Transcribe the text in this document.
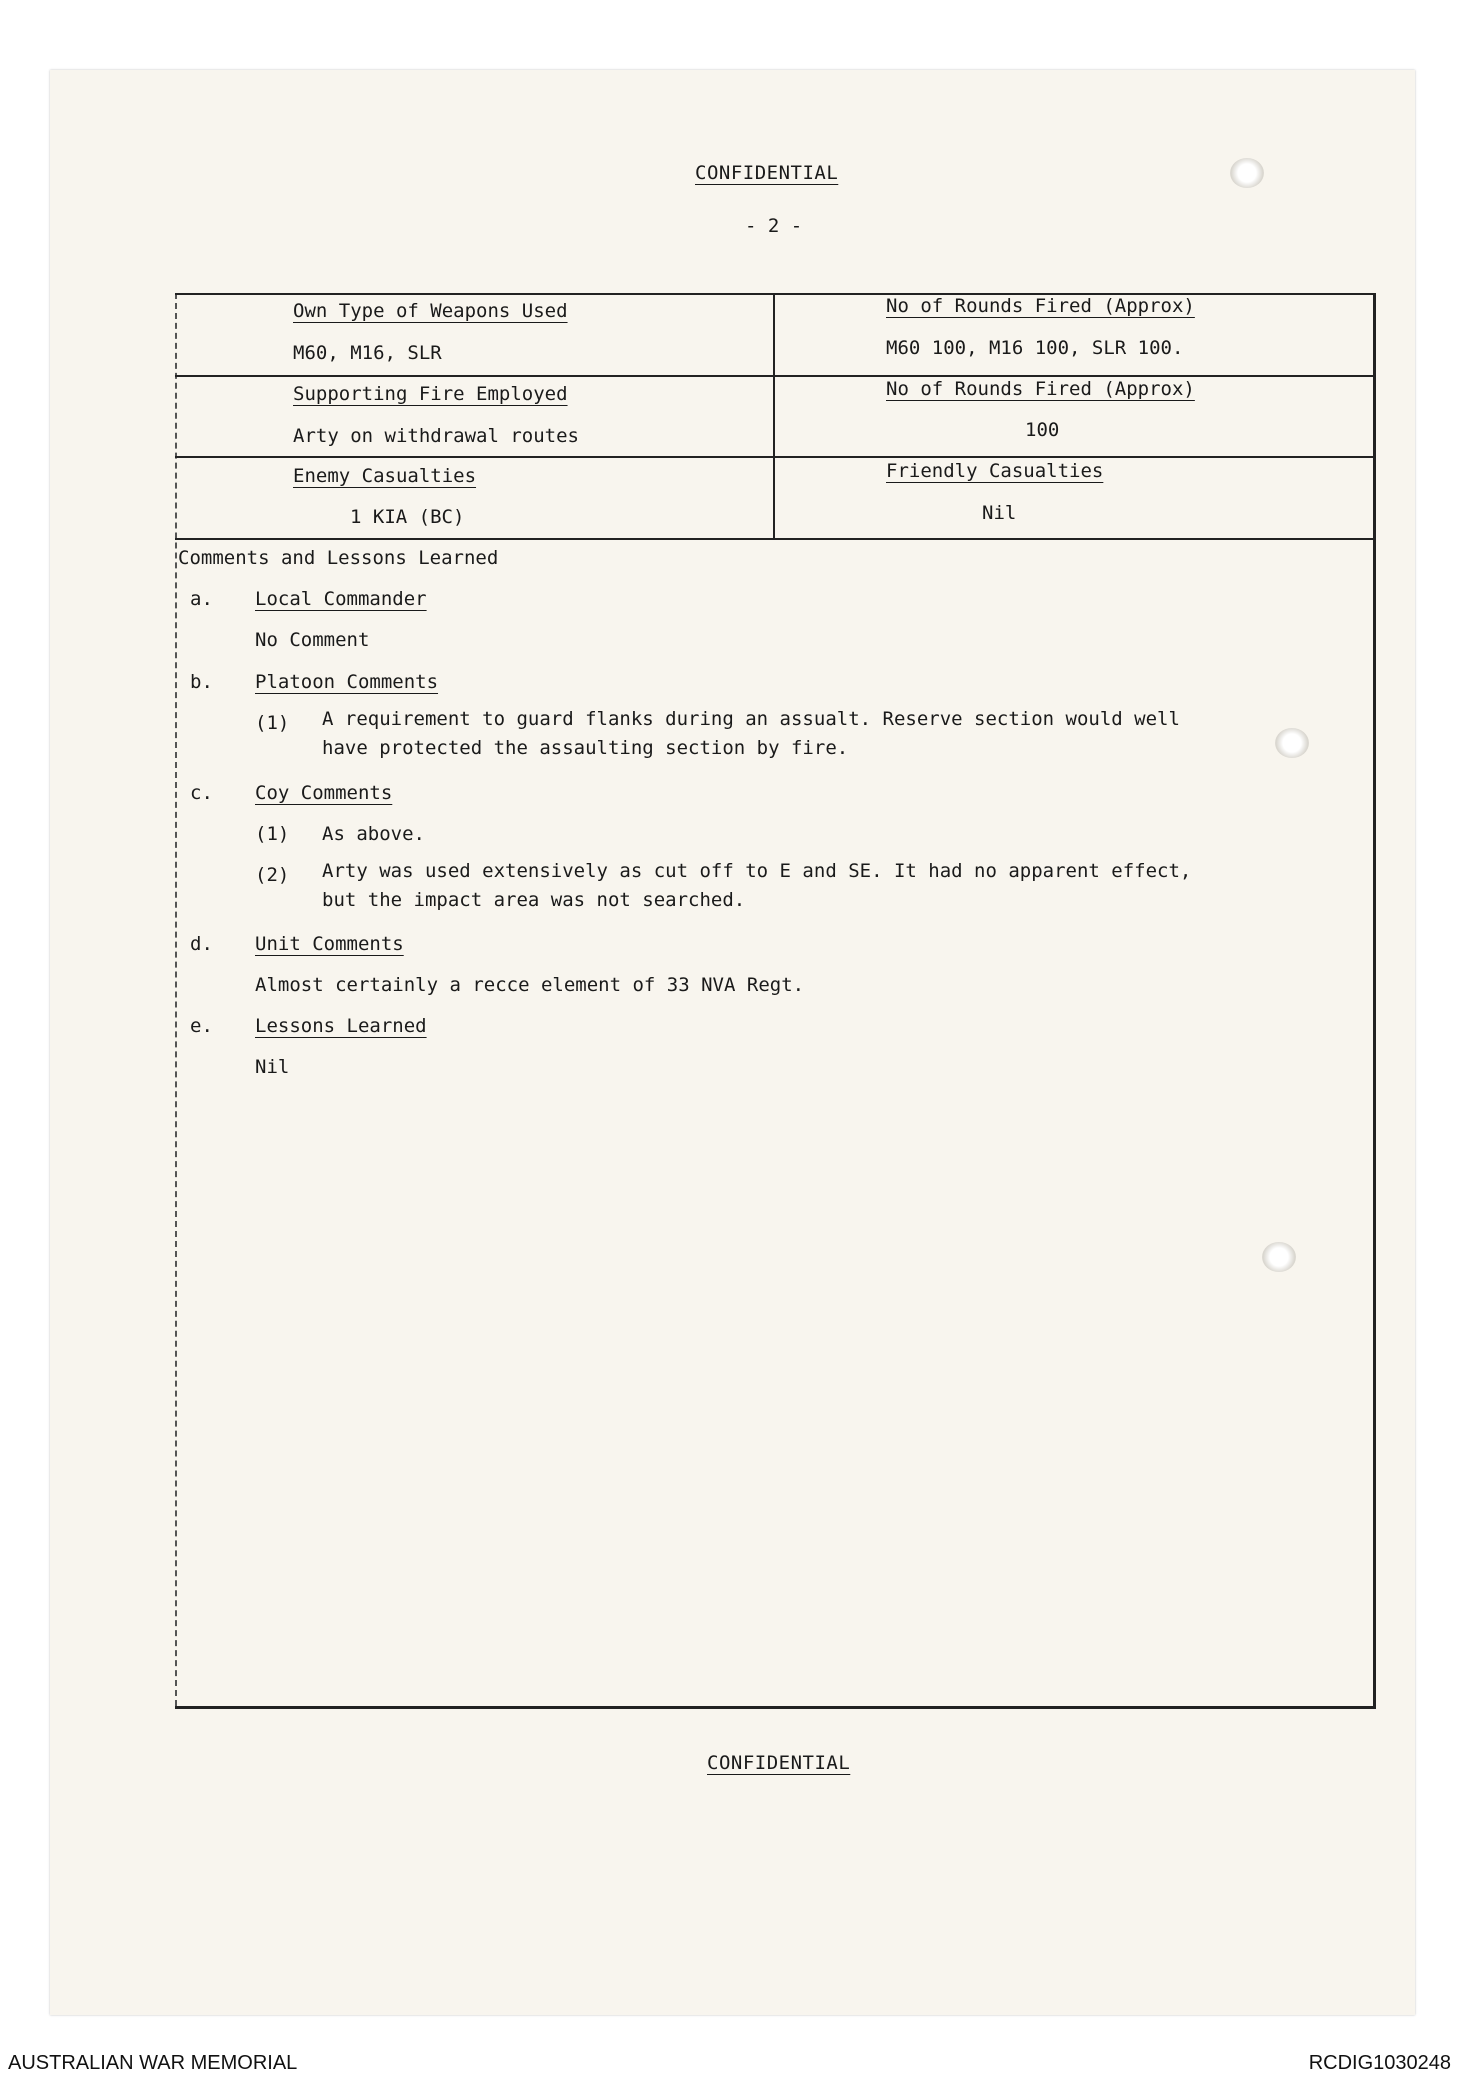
CONFIDENTIAL
- 2 -
Own Type of Weapons Used
M60, M16, SLR
No of Rounds Fired (Approx)
M60 100, M16 100, SLR 100.
Supporting Fire Employed
Arty on withdrawal routes
No of Rounds Fired (Approx)
100
Enemy Casualties
1 KIA (BC)
Friendly Casualties
Nil
Comments and Lessons Learned
a. Local Commander
No Comment
b. Platoon Comments
(1) A requirement to guard flanks during an assualt. Reserve section would well
have protected the assaulting section by fire.
c. Coy Comments
(1) As above.
(2) Arty was used extensively as cut off to E and SE. It had no apparent effect,
but the impact area was not searched.
d. Unit Comments
Almost certainly a recce element of 33 NVA Regt.
e. Lessons Learned
Nil
CONFIDENTIAL
AUSTRALIAN WAR MEMORIAL	RCDIG1030248
